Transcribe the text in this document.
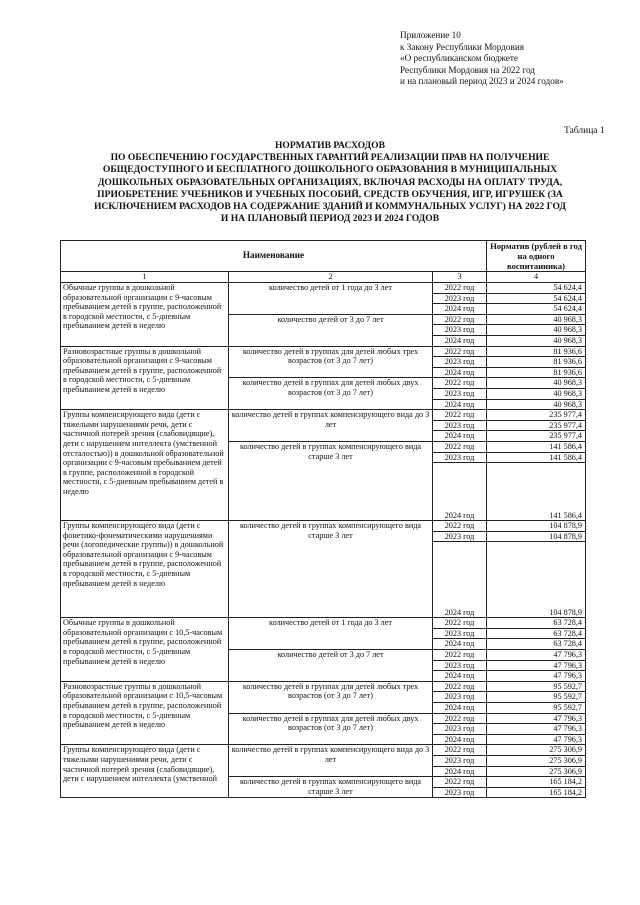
Приложение 10
к Закону Республики Мордовия
«О республиканском бюджете
Республики Мордовия на 2022 год
и на плановый период 2023 и 2024 годов»
Таблица 1
НОРМАТИВ РАСХОДОВ
ПО ОБЕСПЕЧЕНИЮ ГОСУДАРСТВЕННЫХ ГАРАНТИЙ РЕАЛИЗАЦИИ ПРАВ НА ПОЛУЧЕНИЕ
ОБЩЕДОСТУПНОГО И БЕСПЛАТНОГО ДОШКОЛЬНОГО ОБРАЗОВАНИЯ В МУНИЦИПАЛЬНЫХ
ДОШКОЛЬНЫХ ОБРАЗОВАТЕЛЬНЫХ ОРГАНИЗАЦИЯХ, ВКЛЮЧАЯ РАСХОДЫ НА ОПЛАТУ ТРУДА,
ПРИОБРЕТЕНИЕ УЧЕБНИКОВ И УЧЕБНЫХ ПОСОБИЙ, СРЕДСТВ ОБУЧЕНИЯ, ИГР, ИГРУШЕК (ЗА
ИСКЛЮЧЕНИЕМ РАСХОДОВ НА СОДЕРЖАНИЕ ЗДАНИЙ И КОММУНАЛЬНЫХ УСЛУГ) НА 2022 ГОД
И НА ПЛАНОВЫЙ ПЕРИОД 2023 И 2024 ГОДОВ
Наименование			Норматив (рублей в год на одного воспитанника)
1	2	3	4
Обычные группы в дошкольной образовательной организации с 9-часовым пребыванием детей в группе, расположенной в городской местности, с 5-дневным пребыванием детей в неделю	количество детей от 1 года до 3 лет	2022 год	54 624,4
		2023 год	54 624,4
		2024 год	54 624,4
	количество детей от 3 до 7 лет	2022 год	40 968,3
		2023 год	40 968,3
		2024 год	40 968,3
Разновозрастные группы в дошкольной образовательной организации с 9-часовым пребыванием детей в группе, расположенной в городской местности, с 5-дневным пребыванием детей в неделю	количество детей в группах для детей любых трех возрастов (от 3 до 7 лет)	2022 год	81 936,6
		2023 год	81 936,6
		2024 год	81 936,6
	количество детей в группах для детей любых двух возрастов (от 3 до 7 лет)	2022 год	40 968,3
		2023 год	40 968,3
		2024 год	40 968,3
Группы компенсирующего вида (дети с тяжелыми нарушениями речи, дети с частичной потерей зрения (слабовидящие), дети с нарушением интеллекта (умственной отсталостью)) в дошкольной образовательной организации с 9-часовым пребыванием детей в группе, расположенной в городской местности, с 5-дневным пребыванием детей в неделю	количество детей в группах компенсирующего вида до 3 лет	2022 год	235 977,4
		2023 год	235 977,4
		2024 год	235 977,4
	количество детей в группах компенсирующего вида старше 3 лет	2022 год	141 586,4
		2023 год	141 586,4
		2024 год	141 586,4
Группы компенсирующего вида (дети с фонетико-фонематическими нарушениями речи (логопедические группы)) в дошкольной образовательной организации с 9-часовым пребыванием детей в группе, расположенной в городской местности, с 5-дневным пребыванием детей в неделю	количество детей в группах компенсирующего вида старше 3 лет	2022 год	104 878,9
		2023 год	104 878,9
		2024 год	104 878,9
Обычные группы в дошкольной образовательной организации с 10,5-часовым пребыванием детей в группе, расположенной в городской местности, с 5-дневным пребыванием детей в неделю	количество детей от 1 года до 3 лет	2022 год	63 728,4
		2023 год	63 728,4
		2024 год	63 728,4
	количество детей от 3 до 7 лет	2022 год	47 796,3
		2023 год	47 796,3
		2024 год	47 796,3
Разновозрастные группы в дошкольной образовательной организации с 10,5-часовым пребыванием детей в группе, расположенной в городской местности, с 5-дневным пребыванием детей в неделю	количество детей в группах для детей любых трех возрастов (от 3 до 7 лет)	2022 год	95 592,7
		2023 год	95 592,7
		2024 год	95 592,7
	количество детей в группах для детей любых двух возрастов (от 3 до 7 лет)	2022 год	47 796,3
		2023 год	47 796,3
		2024 год	47 796,3
Группы компенсирующего вида (дети с тяжелыми нарушениями речи, дети с частичной потерей зрения (слабовидящие), дети с нарушением интеллекта (умственной	количество детей в группах компенсирующего вида до 3 лет	2022 год	275 306,9
		2023 год	275 306,9
		2024 год	275 306,9
	количество детей в группах компенсирующего вида старше 3 лет	2022 год	165 184,2
		2023 год	165 184,2
